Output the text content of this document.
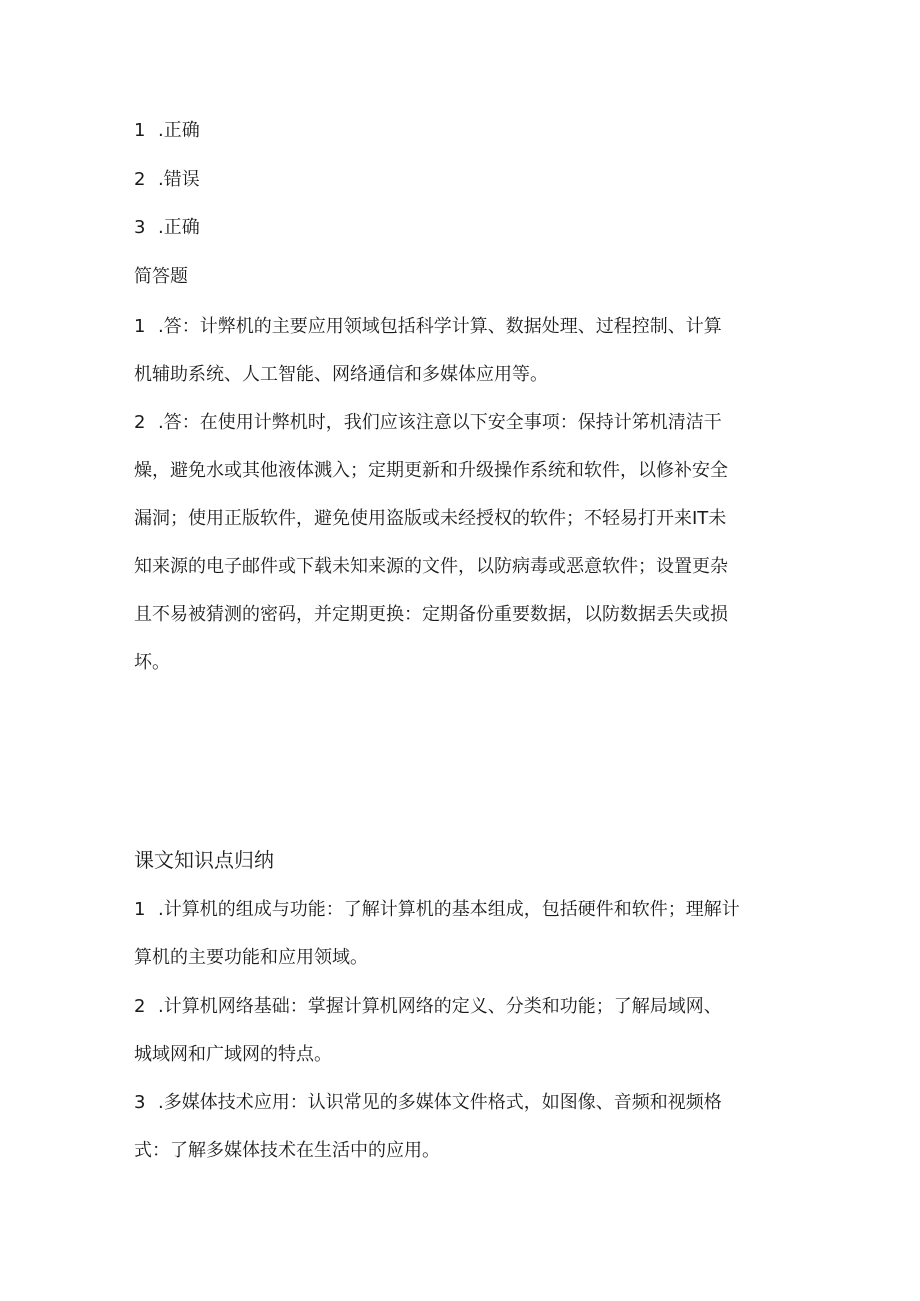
1 .正确
2 .错误
3 .正确
简答题
1 .答：计弊机的主要应用领域包括科学计算、数据处理、过程控制、计算
机辅助系统、人工智能、网络通信和多媒体应用等。
2 .答：在使用计弊机时，我们应该注意以下安全事项：保持计笫机清洁干
燥，避免水或其他液体溅入；定期更新和升级操作系统和软件，以修补安全
漏洞；使用正版软件，避免使用盗版或未经授权的软件；不轻易打开来IT未
知来源的电子邮件或下载未知来源的文件，以防病毒或恶意软件；设置更杂
且不易被猜测的密码，并定期更换：定期备份重要数据，以防数据丢失或损
坏。
课文知识点归纳
1 .计算机的组成与功能：了解计算机的基本组成，包括硬件和软件；理解计
算机的主要功能和应用领域。
2 .计算机网络基础：掌握计算机网络的定义、分类和功能；了解局域网、
城域网和广域网的特点。
3 .多媒体技术应用：认识常见的多媒体文件格式，如图像、音频和视频格
式：了解多媒体技术在生活中的应用。
